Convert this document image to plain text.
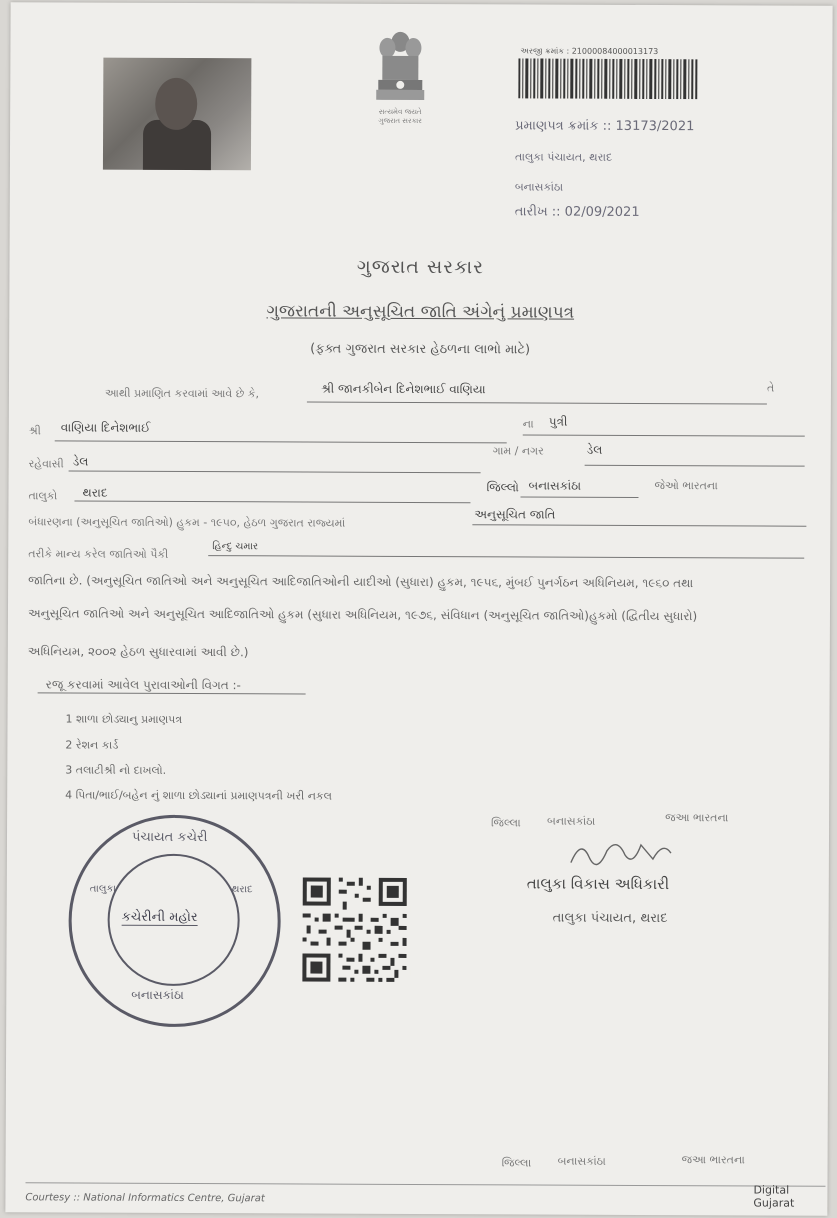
સત્યમેવ જયતે
ગુજરાત સરકાર
અરજી ક્રમાંક : 21000084000013173
પ્રમાણપત્ર ક્રમાંક :: 13173/2021
તાલુકા પંચાયત, થરાદ
બનાસકાંઠા
તારીખ :: 02/09/2021
ગુજરાત સરકાર
ગુજરાતની અનુસૂચિત જાતિ અંગેનું પ્રમાણપત્ર
(ફક્ત ગુજરાત સરકાર હેઠળના લાભો માટે)
આથી પ્રમાણિત કરવામાં આવે છે કે,	શ્રી જાનકીબેન દિનેશભાઈ વાણિયા	તે
શ્રી વાણિયા દિનેશભાઈ	ના પુત્રી
રહેવાસી ડેલ
ગામ / નગર	ડેલ
તાલુકો થરાદ	જિલ્લો બનાસકાંઠા	જેઓ ભારતના
બંધારણના (અનુસૂચિત જાતિઓ) હુકમ - ૧૯૫૦, હેઠળ ગુજરાત રાજ્યમાં
અનુસૂચિત જાતિ
તરીકે માન્ય કરેલ જાતિઓ પૈકી
હિન્દુ ચમાર
જાતિના છે. (અનુસૂચિત જાતિઓ અને અનુસૂચિત આદિજાતિઓની યાદીઓ (સુધારા) હુકમ, ૧૯૫૬, મુંબઈ પુનર્ગઠન અધિનિયમ, ૧૯૬૦ તથા
અનુસૂચિત જાતિઓ અને અનુસૂચિત આદિજાતિઓ હુકમ (સુધારા અધિનિયમ, ૧૯૭૬, સંવિધાન (અનુસૂચિત જાતિઓ)હુકમો (દ્વિતીય સુધારો)
અધિનિયમ, ૨૦૦૨ હેઠળ સુધારવામાં આવી છે.)
રજૂ કરવામાં આવેલ પુરાવાઓની વિગત :-
1 શાળા છોડ્યાનુ પ્રમાણપત્ર
2 રેશન કાર્ડ
3 તલાટીશ્રી નો દાખલો.
4 પિતા/ભાઈ/બહેન નું શાળા છોડ્યાનાં પ્રમાણપત્રની ખરી નકલ
પંચાયત કચેરી
તાલુકા	થરાદ
કચેરીની મહોર
બનાસકાંઠા
જિલ્લા બનાસકાંઠા	જઆ ભારતના
તાલુકા વિકાસ અધિકારી
તાલુકા પંચાયત, થરાદ
જિલ્લા બનાસકાંઠા	જઆ ભારતના
Courtesy :: National Informatics Centre, Gujarat
Digital Gujarat
